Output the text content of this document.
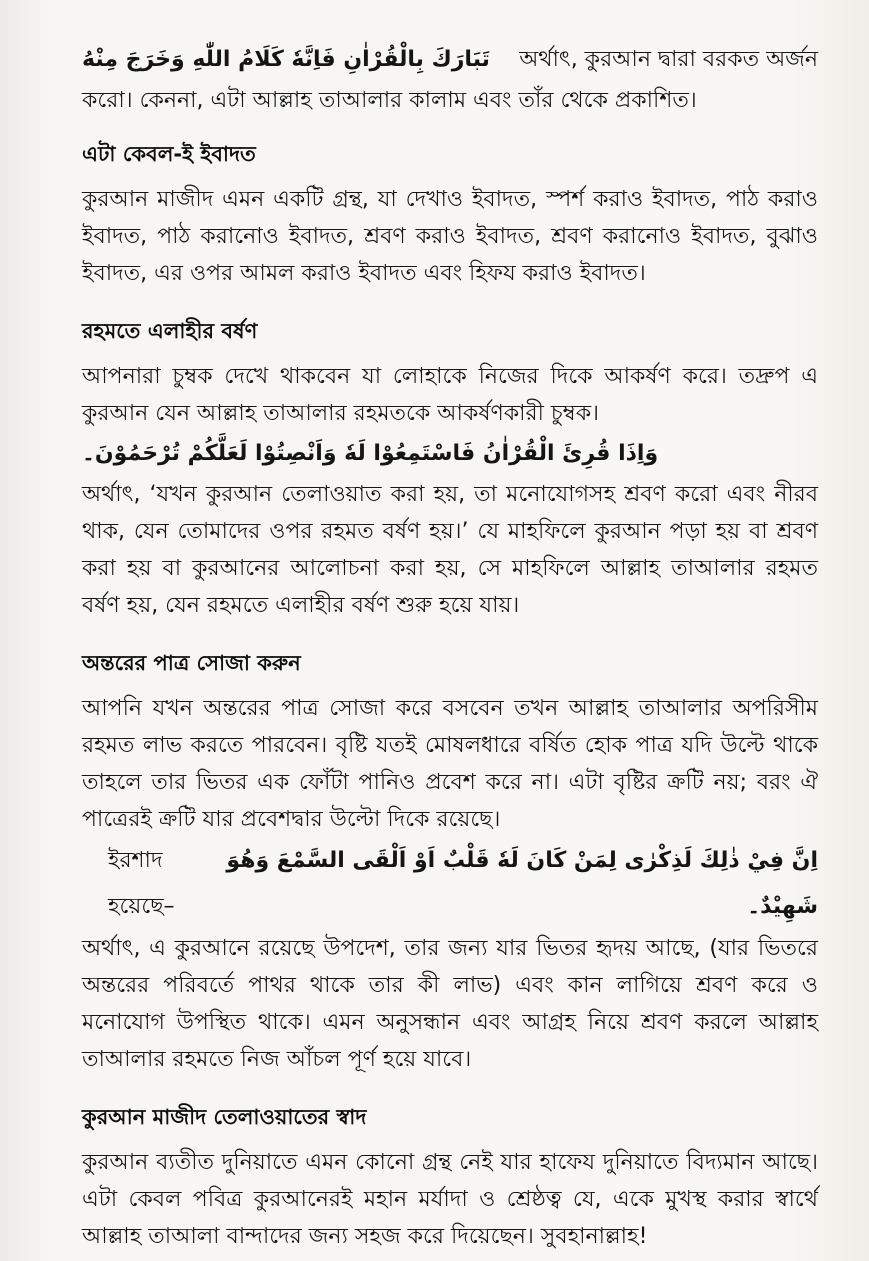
تَبَارَكَ بِالْقُرْاٰنِ فَاِنَّهٗ كَلَامُ اللّٰهِ وَخَرَجَ مِنْهُ অর্থাৎ, কুরআন দ্বারা বরকত অর্জন

করো। কেননা, এটা আল্লাহ তাআলার কালাম এবং তাঁর থেকে প্রকাশিত।

এটা কেবল-ই ইবাদত

কুরআন মাজীদ এমন একটি গ্রন্থ, যা দেখাও ইবাদত, স্পর্শ করাও ইবাদত, পাঠ করাও ইবাদত, পাঠ করানোও ইবাদত, শ্রবণ করাও ইবাদত, শ্রবণ করানোও ইবাদত, বুঝাও ইবাদত, এর ওপর আমল করাও ইবাদত এবং হিফয করাও ইবাদত।

রহমতে এলাহীর বর্ষণ

আপনারা চুম্বক দেখে থাকবেন যা লোহাকে নিজের দিকে আকর্ষণ করে। তদ্রুপ এ কুরআন যেন আল্লাহ তাআলার রহমতকে আকর্ষণকারী চুম্বক।

وَاِذَا قُرِئَ الْقُرْاٰنُ فَاسْتَمِعُوْا لَهٗ وَاَنْصِتُوْا لَعَلَّكُمْ تُرْحَمُوْنَ۔

অর্থাৎ, ‘যখন কুরআন তেলাওয়াত করা হয়, তা মনোযোগসহ শ্রবণ করো এবং নীরব থাক, যেন তোমাদের ওপর রহমত বর্ষণ হয়।’ যে মাহফিলে কুরআন পড়া হয় বা শ্রবণ করা হয় বা কুরআনের আলোচনা করা হয়, সে মাহফিলে আল্লাহ তাআলার রহমত বর্ষণ হয়, যেন রহমতে এলাহীর বর্ষণ শুরু হয়ে যায়।

অন্তরের পাত্র সোজা করুন

আপনি যখন অন্তরের পাত্র সোজা করে বসবেন তখন আল্লাহ তাআলার অপরিসীম রহমত লাভ করতে পারবেন। বৃষ্টি যতই মোষলধারে বর্ষিত হোক পাত্র যদি উল্টে থাকে তাহলে তার ভিতর এক ফোঁটা পানিও প্রবেশ করে না। এটা বৃষ্টির ক্রটি নয়; বরং ঐ পাত্রেরই ক্রটি যার প্রবেশদ্বার উল্টো দিকে রয়েছে।

ইরশাদ হয়েছে–
اِنَّ فِيْ ذٰلِكَ لَذِكْرٰى لِمَنْ كَانَ لَهٗ قَلْبٌ اَوْ اَلْقَى السَّمْعَ وَهُوَ شَهِيْدٌ۔

অর্থাৎ, এ কুরআনে রয়েছে উপদেশ, তার জন্য যার ভিতর হৃদয় আছে, (যার ভিতরে অন্তরের পরিবর্তে পাথর থাকে তার কী লাভ) এবং কান লাগিয়ে শ্রবণ করে ও মনোযোগ উপস্থিত থাকে। এমন অনুসন্ধান এবং আগ্রহ নিয়ে শ্রবণ করলে আল্লাহ তাআলার রহমতে নিজ আঁচল পূর্ণ হয়ে যাবে।

কুরআন মাজীদ তেলাওয়াতের স্বাদ

কুরআন ব্যতীত দুনিয়াতে এমন কোনো গ্রন্থ নেই যার হাফেয দুনিয়াতে বিদ্যমান আছে। এটা কেবল পবিত্র কুরআনেরই মহান মর্যাদা ও শ্রেষ্ঠত্ব যে, একে মুখস্থ করার স্বার্থে আল্লাহ তাআলা বান্দাদের জন্য সহজ করে দিয়েছেন। সুবহানাল্লাহ!
